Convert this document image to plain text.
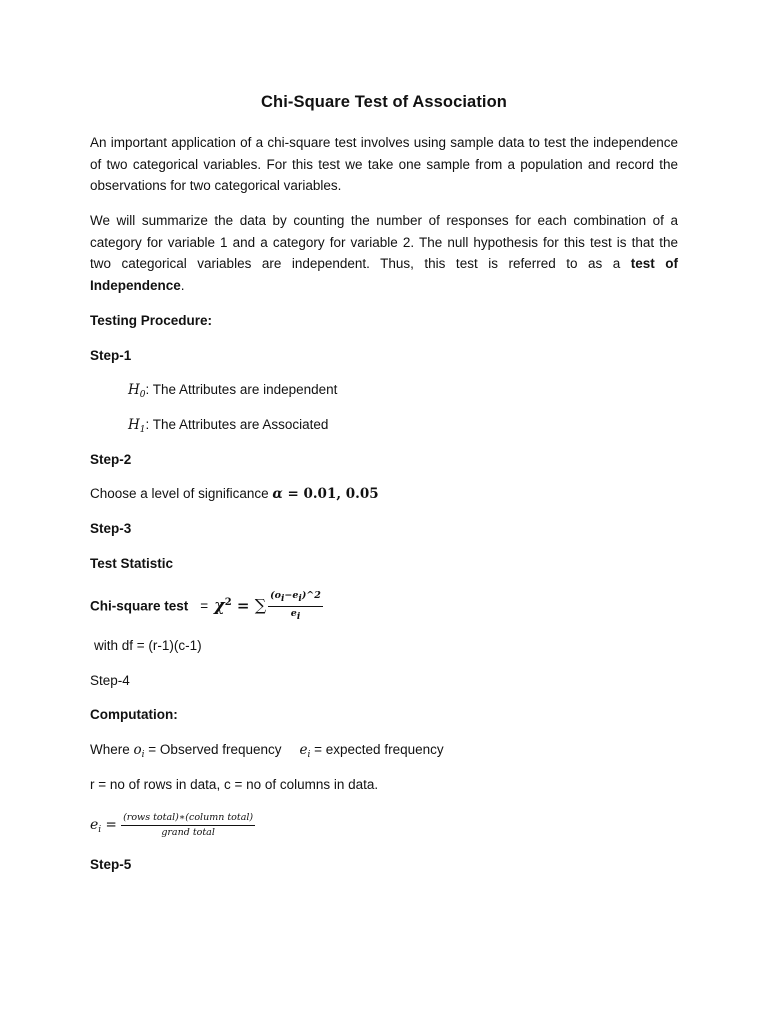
Chi-Square Test of Association

An important application of a chi-square test involves using sample data to test the independence of two categorical variables. For this test we take one sample from a population and record the observations for two categorical variables.

We will summarize the data by counting the number of responses for each combination of a category for variable 1 and a category for variable 2. The null hypothesis for this test is that the two categorical variables are independent. Thus, this test is referred to as a test of Independence.

Testing Procedure:
Step-1
$H_0$: The Attributes are independent
$H_1$: The Attributes are Associated
Step-2
Choose a level of significance α = 0.01, 0.05
Step-3
Test Statistic
Chi-square test = $\chi^2$ = ∑ $\frac{(o_i-e_i)\^{}2}{e_i}$
with df = (r-1)(c-1)
Step-4
Computation:
Where $o_i$ = Observed frequency $e_i$ = expected frequency
r = no of rows in data, c = no of columns in data.
$e_i = \frac{\text{(rows total)∗(column total)}}{\text{grand total}}$
Step-5
